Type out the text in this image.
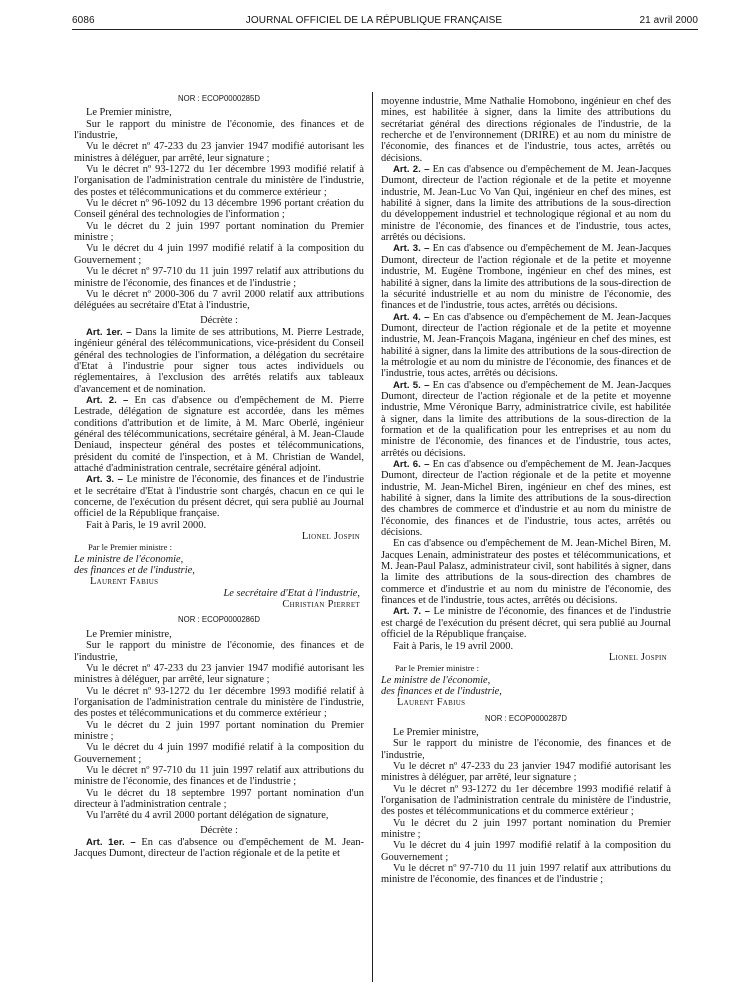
6086	JOURNAL OFFICIEL DE LA RÉPUBLIQUE FRANÇAISE	21 avril 2000

NOR : ECOP0000285D

Le Premier ministre,

Sur le rapport du ministre de l'économie, des finances et de l'industrie,

Vu le décret nº 47-233 du 23 janvier 1947 modifié autorisant les ministres à déléguer, par arrêté, leur signature ;

Vu le décret nº 93-1272 du 1er décembre 1993 modifié relatif à l'organisation de l'administration centrale du ministère de l'industrie, des postes et télécommunications et du commerce extérieur ;

Vu le décret nº 96-1092 du 13 décembre 1996 portant création du Conseil général des technologies de l'information ;

Vu le décret du 2 juin 1997 portant nomination du Premier ministre ;

Vu le décret du 4 juin 1997 modifié relatif à la composition du Gouvernement ;

Vu le décret nº 97-710 du 11 juin 1997 relatif aux attributions du ministre de l'économie, des finances et de l'industrie ;

Vu le décret nº 2000-306 du 7 avril 2000 relatif aux attributions déléguées au secrétaire d'Etat à l'industrie,

Décrète :

Art. 1er. – Dans la limite de ses attributions, M. Pierre Lestrade, ingénieur général des télécommunications, vice-président du Conseil général des technologies de l'information, a délégation du secrétaire d'Etat à l'industrie pour signer tous actes individuels ou réglementaires, à l'exclusion des arrêtés relatifs aux tableaux d'avancement et de nomination.

Art. 2. – En cas d'absence ou d'empêchement de M. Pierre Lestrade, délégation de signature est accordée, dans les mêmes conditions d'attribution et de limite, à M. Marc Oberlé, ingénieur général des télécommunications, secrétaire général, à M. Jean-Claude Deniaud, inspecteur général des postes et télécommunications, président du comité de l'inspection, et à M. Christian de Wandel, attaché d'administration centrale, secrétaire général adjoint.

Art. 3. – Le ministre de l'économie, des finances et de l'industrie et le secrétaire d'Etat à l'industrie sont chargés, chacun en ce qui le concerne, de l'exécution du présent décret, qui sera publié au Journal officiel de la République française.

Fait à Paris, le 19 avril 2000.

Lionel Jospin

Par le Premier ministre :

Le ministre de l'économie,

des finances et de l'industrie,

Laurent Fabius

Le secrétaire d'Etat à l'industrie,

Christian Pierret

NOR : ECOP0000286D

Le Premier ministre,

Sur le rapport du ministre de l'économie, des finances et de l'industrie,

Vu le décret nº 47-233 du 23 janvier 1947 modifié autorisant les ministres à déléguer, par arrêté, leur signature ;

Vu le décret nº 93-1272 du 1er décembre 1993 modifié relatif à l'organisation de l'administration centrale du ministère de l'industrie, des postes et télécommunications et du commerce extérieur ;

Vu le décret du 2 juin 1997 portant nomination du Premier ministre ;

Vu le décret du 4 juin 1997 modifié relatif à la composition du Gouvernement ;

Vu le décret nº 97-710 du 11 juin 1997 relatif aux attributions du ministre de l'économie, des finances et de l'industrie ;

Vu le décret du 18 septembre 1997 portant nomination d'un directeur à l'administration centrale ;

Vu l'arrêté du 4 avril 2000 portant délégation de signature,

Décrète :

Art. 1er. – En cas d'absence ou d'empêchement de M. Jean-Jacques Dumont, directeur de l'action régionale et de la petite et

moyenne industrie, Mme Nathalie Homobono, ingénieur en chef des mines, est habilitée à signer, dans la limite des attributions du secrétariat général des directions régionales de l'industrie, de la recherche et de l'environnement (DRIRE) et au nom du ministre de l'économie, des finances et de l'industrie, tous actes, arrêtés ou décisions.

Art. 2. – En cas d'absence ou d'empêchement de M. Jean-Jacques Dumont, directeur de l'action régionale et de la petite et moyenne industrie, M. Jean-Luc Vo Van Qui, ingénieur en chef des mines, est habilité à signer, dans la limite des attributions de la sous-direction du développement industriel et technologique régional et au nom du ministre de l'économie, des finances et de l'industrie, tous actes, arrêtés ou décisions.

Art. 3. – En cas d'absence ou d'empêchement de M. Jean-Jacques Dumont, directeur de l'action régionale et de la petite et moyenne industrie, M. Eugène Trombone, ingénieur en chef des mines, est habilité à signer, dans la limite des attributions de la sous-direction de la sécurité industrielle et au nom du ministre de l'économie, des finances et de l'industrie, tous actes, arrêtés ou décisions.

Art. 4. – En cas d'absence ou d'empêchement de M. Jean-Jacques Dumont, directeur de l'action régionale et de la petite et moyenne industrie, M. Jean-François Magana, ingénieur en chef des mines, est habilité à signer, dans la limite des attributions de la sous-direction de la métrologie et au nom du ministre de l'économie, des finances et de l'industrie, tous actes, arrêtés ou décisions.

Art. 5. – En cas d'absence ou d'empêchement de M. Jean-Jacques Dumont, directeur de l'action régionale et de la petite et moyenne industrie, Mme Véronique Barry, administratrice civile, est habilitée à signer, dans la limite des attributions de la sous-direction de la formation et de la qualification pour les entreprises et au nom du ministre de l'économie, des finances et de l'industrie, tous actes, arrêtés ou décisions.

Art. 6. – En cas d'absence ou d'empêchement de M. Jean-Jacques Dumont, directeur de l'action régionale et de la petite et moyenne industrie, M. Jean-Michel Biren, ingénieur en chef des mines, est habilité à signer, dans la limite des attributions de la sous-direction des chambres de commerce et d'industrie et au nom du ministre de l'économie, des finances et de l'industrie, tous actes, arrêtés ou décisions.

En cas d'absence ou d'empêchement de M. Jean-Michel Biren, M. Jacques Lenain, administrateur des postes et télécommunications, et M. Jean-Paul Palasz, administrateur civil, sont habilités à signer, dans la limite des attributions de la sous-direction des chambres de commerce et d'industrie et au nom du ministre de l'économie, des finances et de l'industrie, tous actes, arrêtés ou décisions.

Art. 7. – Le ministre de l'économie, des finances et de l'industrie est chargé de l'exécution du présent décret, qui sera publié au Journal officiel de la République française.

Fait à Paris, le 19 avril 2000.

Lionel Jospin

Par le Premier ministre :

Le ministre de l'économie,

des finances et de l'industrie,

Laurent Fabius

NOR : ECOP0000287D

Le Premier ministre,

Sur le rapport du ministre de l'économie, des finances et de l'industrie,

Vu le décret nº 47-233 du 23 janvier 1947 modifié autorisant les ministres à déléguer, par arrêté, leur signature ;

Vu le décret nº 93-1272 du 1er décembre 1993 modifié relatif à l'organisation de l'administration centrale du ministère de l'industrie, des postes et télécommunications et du commerce extérieur ;

Vu le décret du 2 juin 1997 portant nomination du Premier ministre ;

Vu le décret du 4 juin 1997 modifié relatif à la composition du Gouvernement ;

Vu le décret nº 97-710 du 11 juin 1997 relatif aux attributions du ministre de l'économie, des finances et de l'industrie ;
